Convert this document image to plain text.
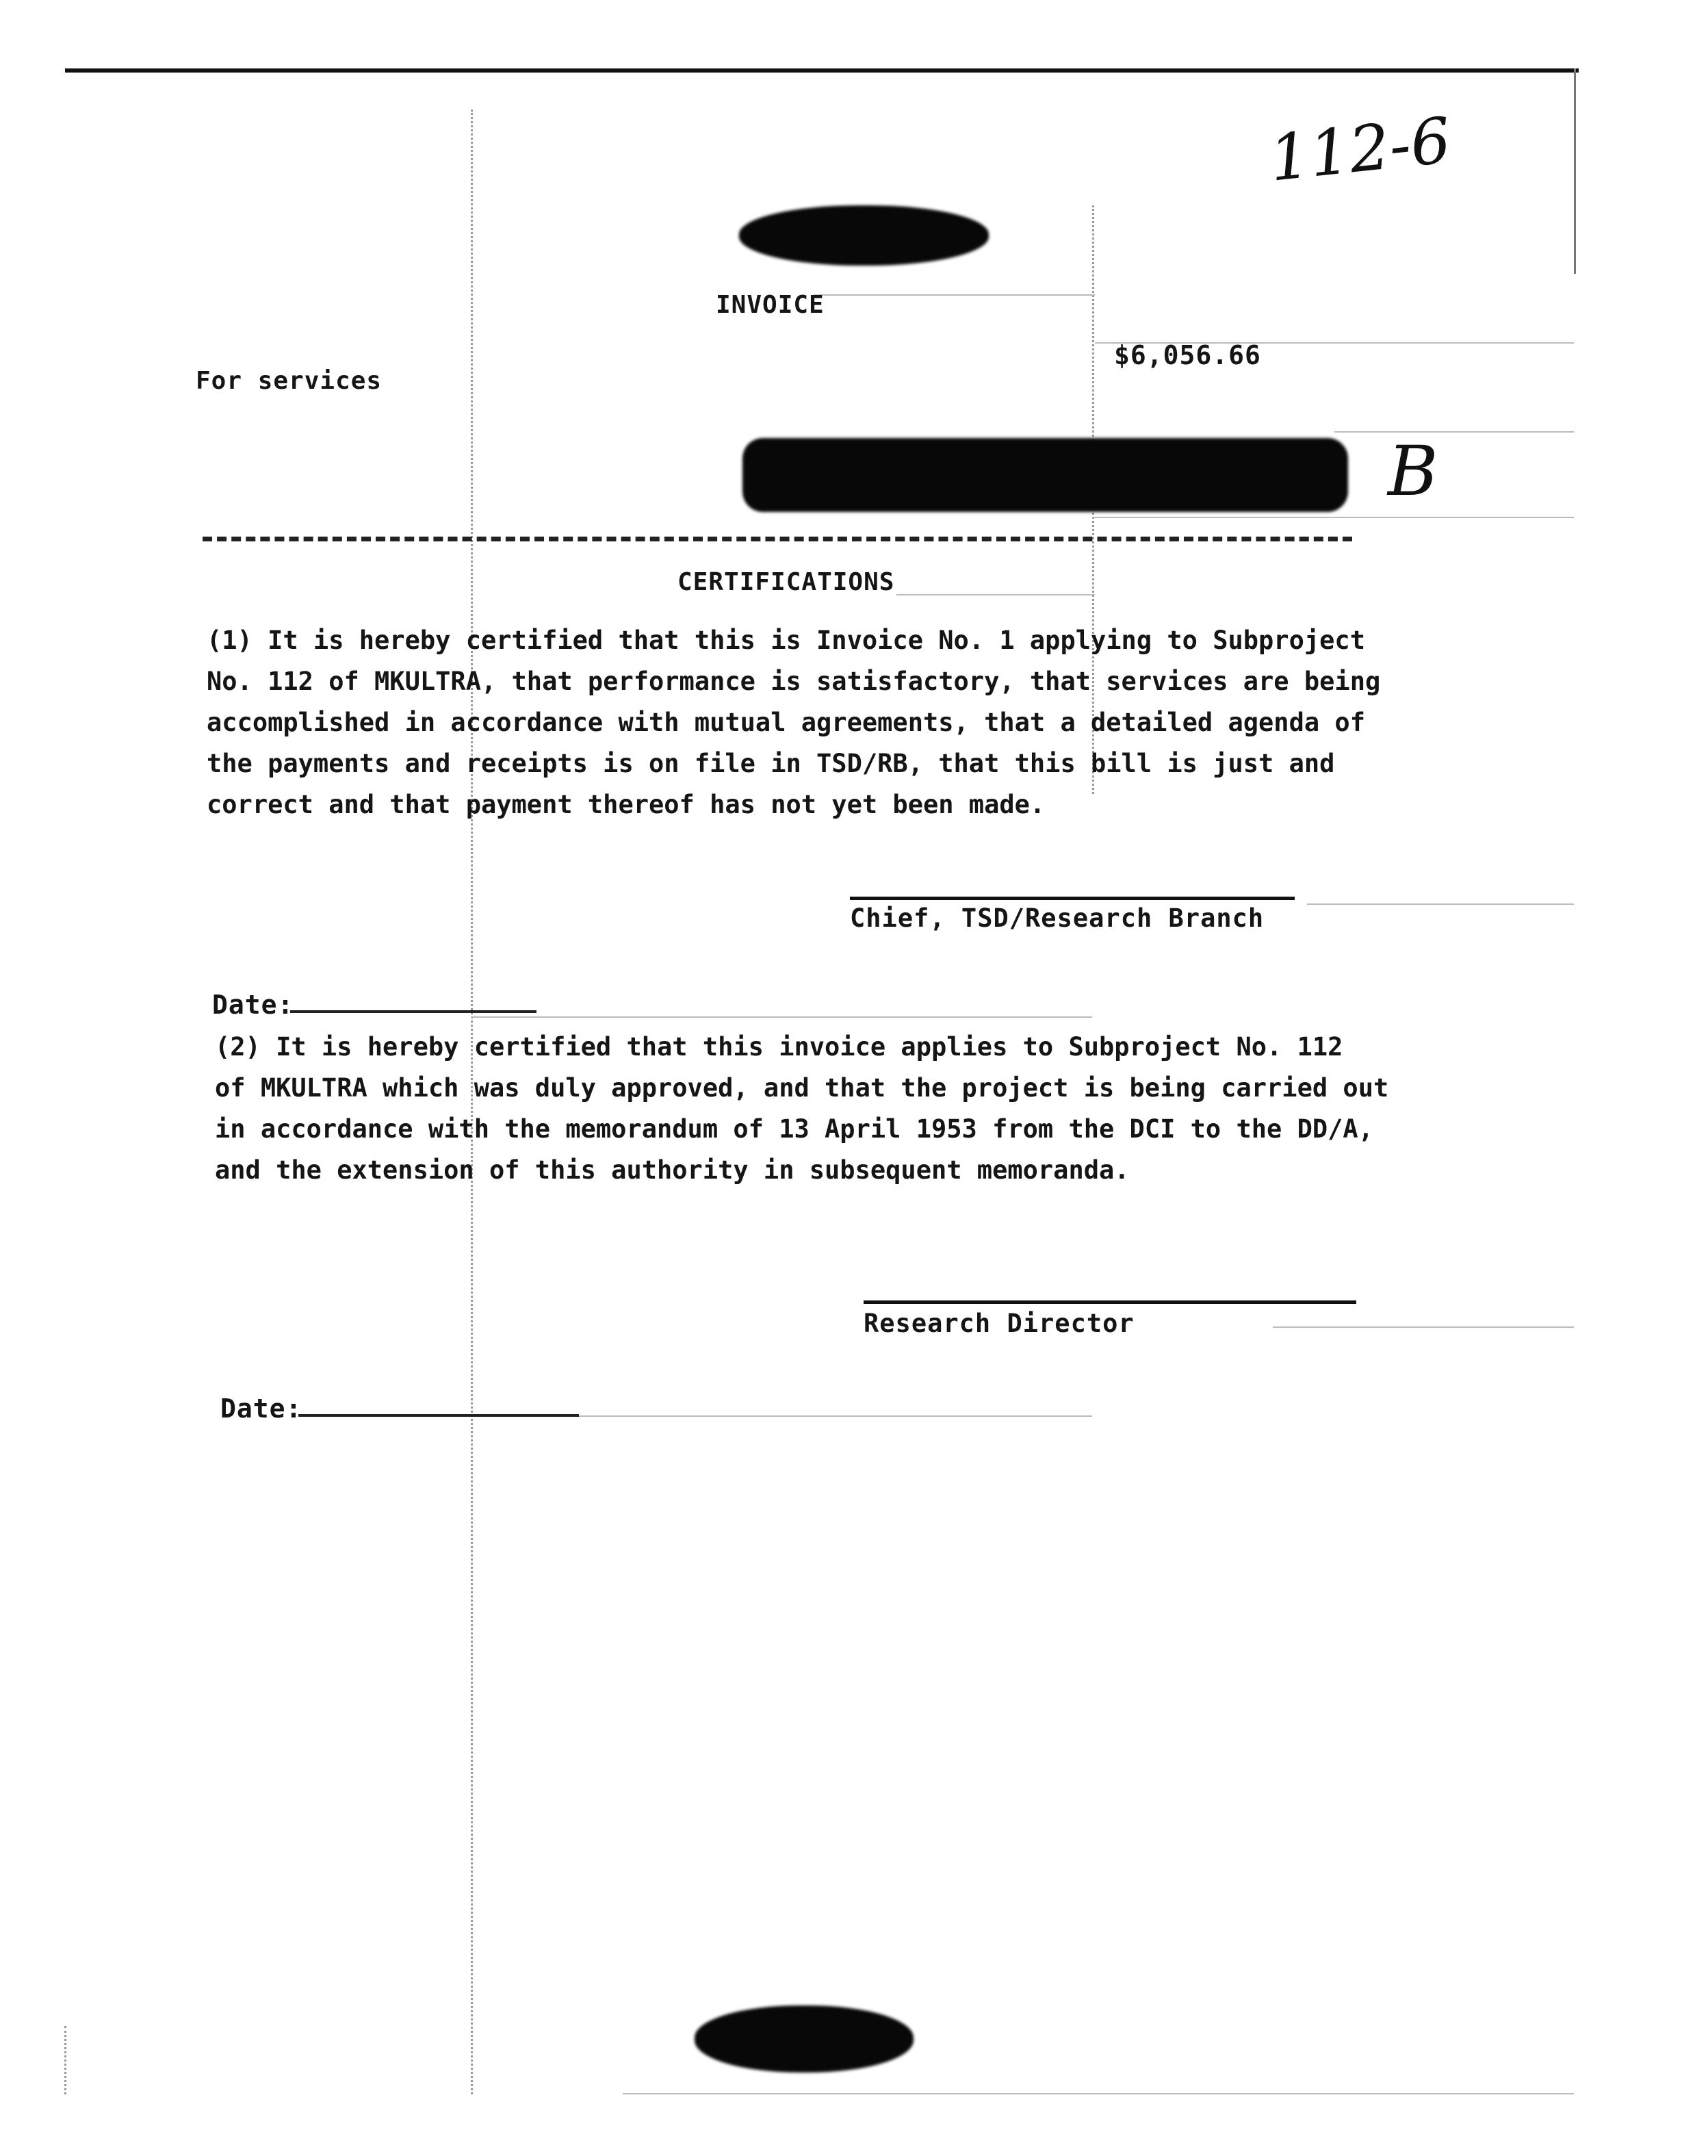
112-6
INVOICE
$6,056.66
For services
B
CERTIFICATIONS
(1) It is hereby certified that this is Invoice No. 1 applying to Subproject
No. 112 of MKULTRA, that performance is satisfactory, that services are being
accomplished in accordance with mutual agreements, that a detailed agenda of
the payments and receipts is on file in TSD/RB, that this bill is just and
correct and that payment thereof has not yet been made.
Chief, TSD/Research Branch
Date:
(2) It is hereby certified that this invoice applies to Subproject No. 112
of MKULTRA which was duly approved, and that the project is being carried out
in accordance with the memorandum of 13 April 1953 from the DCI to the DD/A,
and the extension of this authority in subsequent memoranda.
Research Director
Date:
